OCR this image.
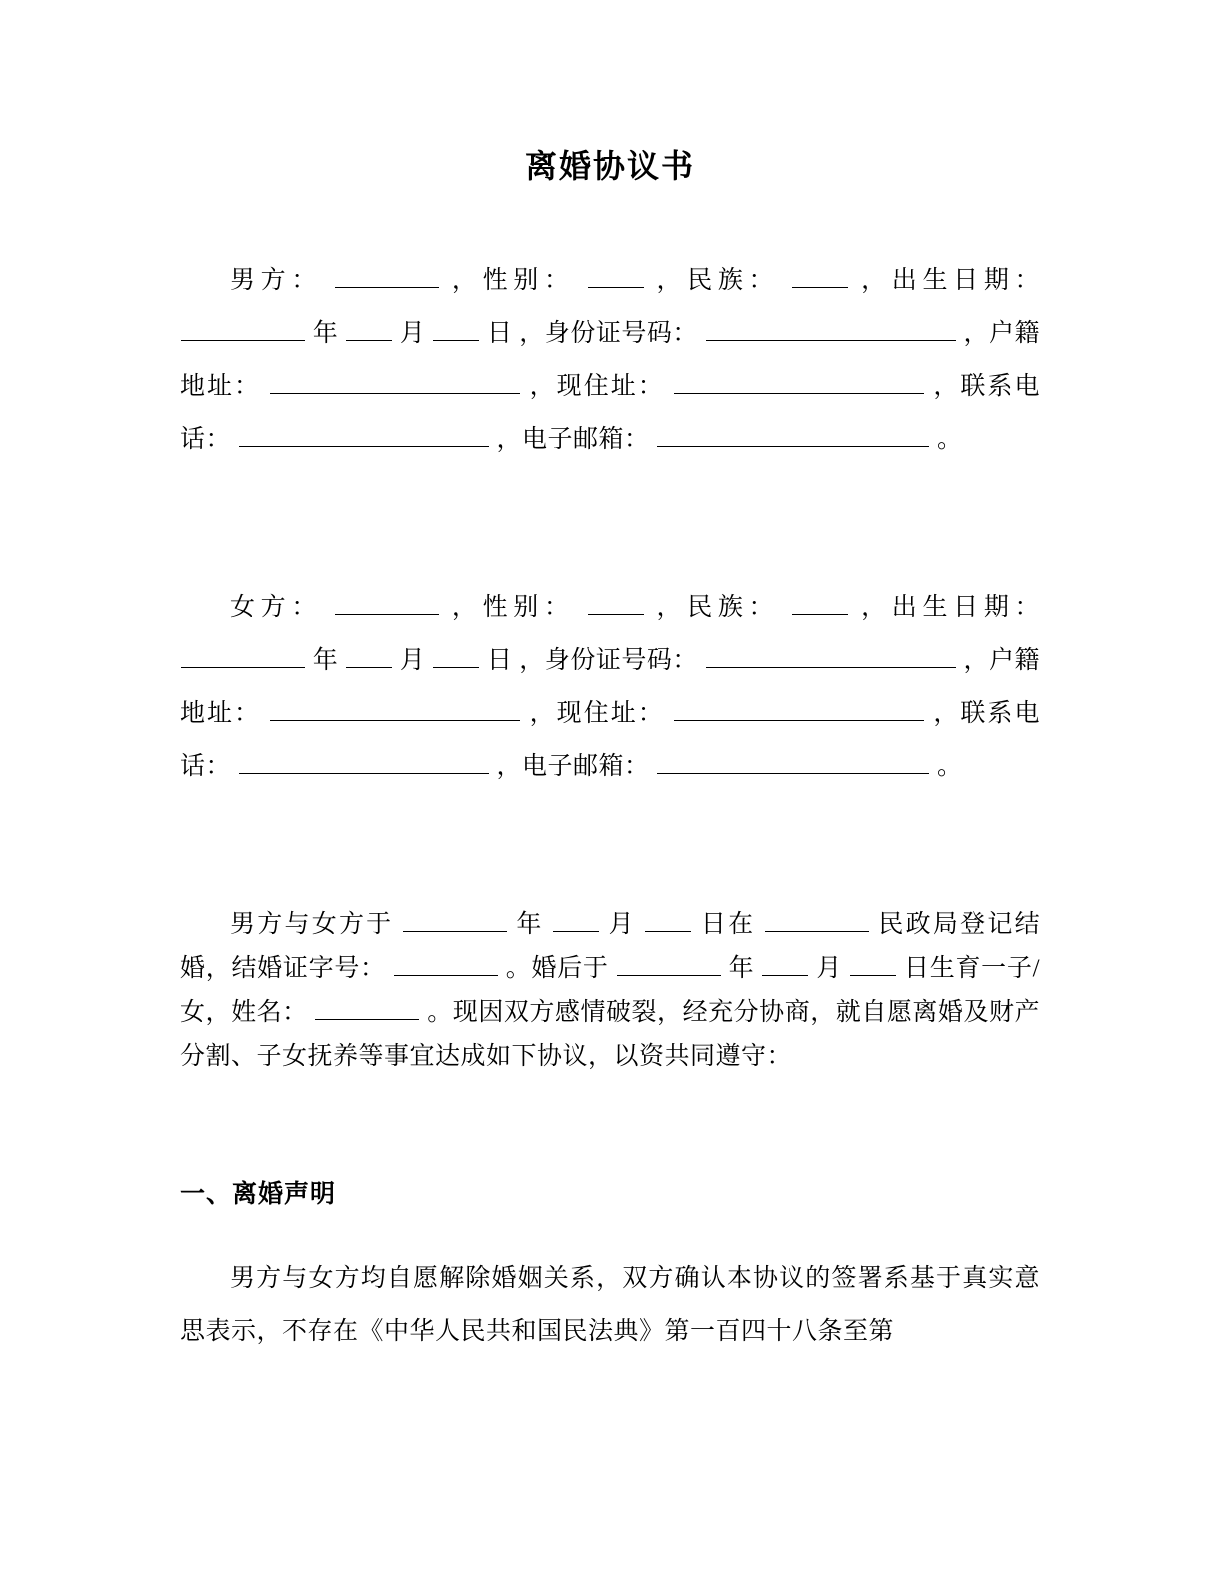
离婚协议书

男方：	，性别：	，民族：	，出生日期：  年 月 日 ，身份证号码：	，户籍地址：	，现住址：	，联系电话：	，电子邮箱：	。

女方：	，性别：	，民族：	，出生日期：  年 月 日 ，身份证号码：	，户籍地址：	，现住址：	，联系电话：	，电子邮箱：	。

男方与女方于	年	月	日在	民政局登记结婚，结婚证字号：	。婚后于	年 月 日生育一子/女，姓名：	。现因双方感情破裂，经充分协商，就自愿离婚及财产分割、子女抚养等事宜达成如下协议，以资共同遵守：

一、离婚声明

男方与女方均自愿解除婚姻关系，双方确认本协议的签署系基于真实意思表示，不存在《中华人民共和国民法典》第一百四十八条至第
